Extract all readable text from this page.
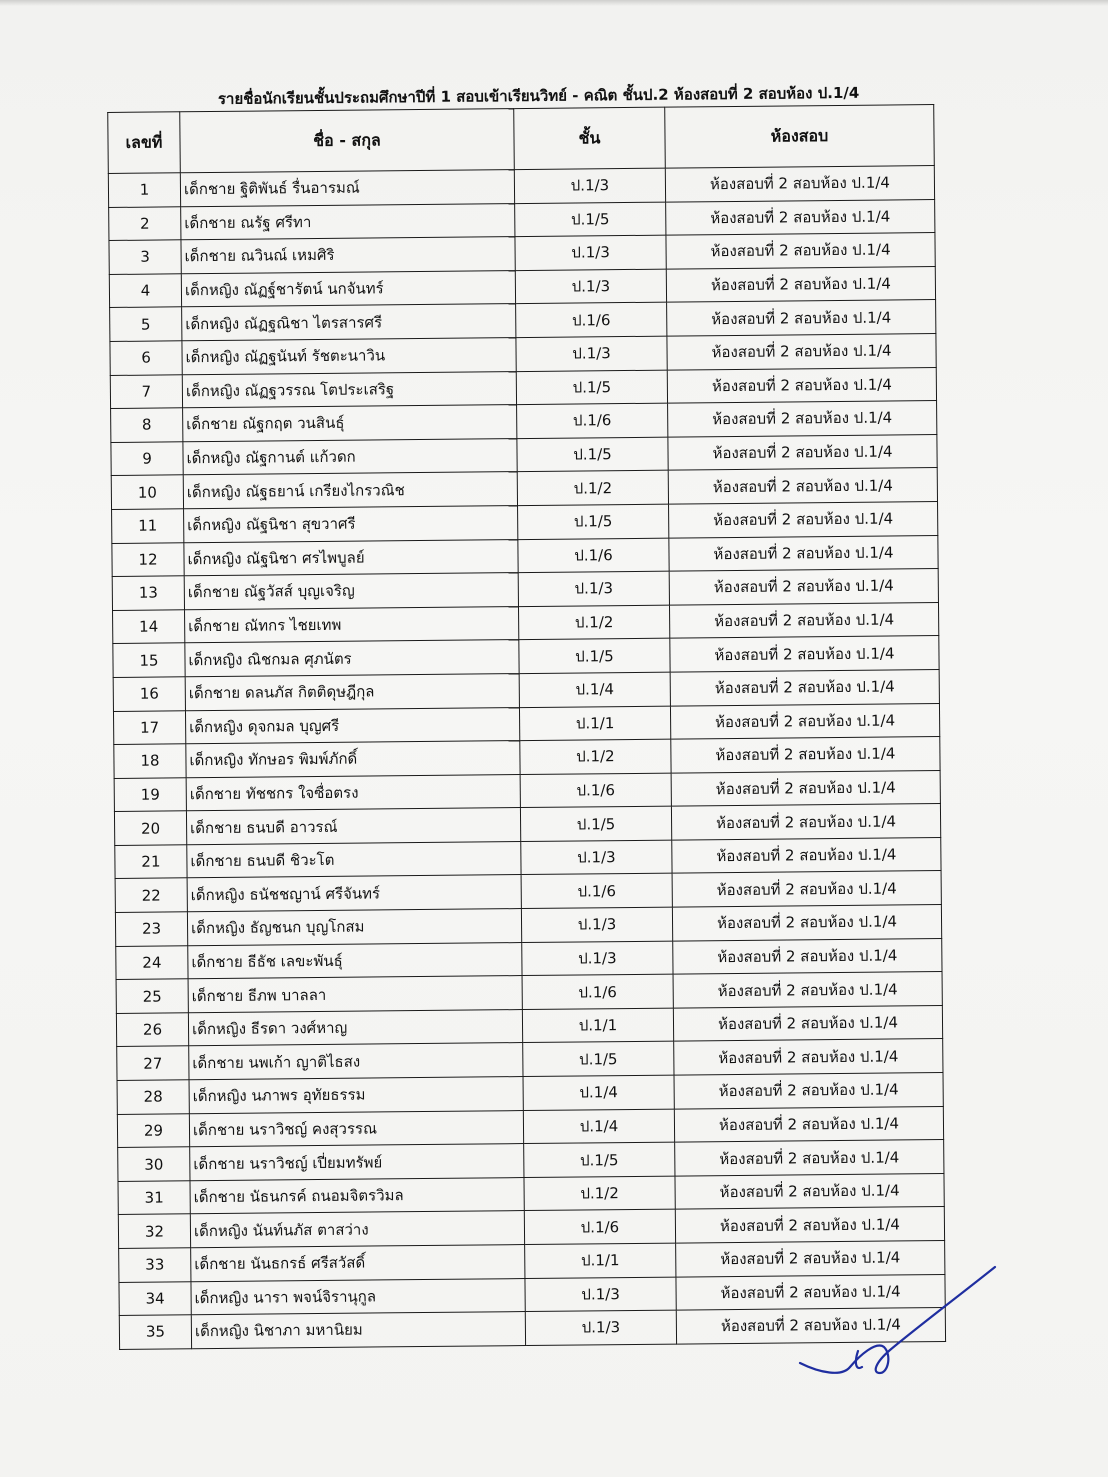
รายชื่อนักเรียนชั้นประถมศึกษาปีที่ 1 สอบเข้าเรียนวิทย์ - คณิต ชั้นป.2 ห้องสอบที่ 2 สอบห้อง ป.1/4
เลขที่	ชื่อ - สกุล	ชั้น	ห้องสอบ
1	เด็กชาย ฐิติพันธ์ รื่นอารมณ์	ป.1/3	ห้องสอบที่ 2 สอบห้อง ป.1/4
2	เด็กชาย ณรัฐ ศรีทา	ป.1/5	ห้องสอบที่ 2 สอบห้อง ป.1/4
3	เด็กชาย ณวินณ์ เหมศิริ	ป.1/3	ห้องสอบที่ 2 สอบห้อง ป.1/4
4	เด็กหญิง ณัฏฐ์ชารัตน์ นกจันทร์	ป.1/3	ห้องสอบที่ 2 สอบห้อง ป.1/4
5	เด็กหญิง ณัฏฐณิชา ไตรสารศรี	ป.1/6	ห้องสอบที่ 2 สอบห้อง ป.1/4
6	เด็กหญิง ณัฏฐนันท์ รัชตะนาวิน	ป.1/3	ห้องสอบที่ 2 สอบห้อง ป.1/4
7	เด็กหญิง ณัฏฐวรรณ โตประเสริฐ	ป.1/5	ห้องสอบที่ 2 สอบห้อง ป.1/4
8	เด็กชาย ณัฐกฤต วนสินธุ์	ป.1/6	ห้องสอบที่ 2 สอบห้อง ป.1/4
9	เด็กหญิง ณัฐกานต์ แก้วดก	ป.1/5	ห้องสอบที่ 2 สอบห้อง ป.1/4
10	เด็กหญิง ณัฐธยาน์ เกรียงไกรวณิช	ป.1/2	ห้องสอบที่ 2 สอบห้อง ป.1/4
11	เด็กหญิง ณัฐนิชา สุขวาศรี	ป.1/5	ห้องสอบที่ 2 สอบห้อง ป.1/4
12	เด็กหญิง ณัฐนิชา ศรไพบูลย์	ป.1/6	ห้องสอบที่ 2 สอบห้อง ป.1/4
13	เด็กชาย ณัฐวัสส์ บุญเจริญ	ป.1/3	ห้องสอบที่ 2 สอบห้อง ป.1/4
14	เด็กชาย ณัทกร ไชยเทพ	ป.1/2	ห้องสอบที่ 2 สอบห้อง ป.1/4
15	เด็กหญิง ณิชกมล ศุภนัตร	ป.1/5	ห้องสอบที่ 2 สอบห้อง ป.1/4
16	เด็กชาย ดลนภัส กิตติดุษฎีกุล	ป.1/4	ห้องสอบที่ 2 สอบห้อง ป.1/4
17	เด็กหญิง ดุจกมล บุญศรี	ป.1/1	ห้องสอบที่ 2 สอบห้อง ป.1/4
18	เด็กหญิง ทักษอร พิมพ์ภักดิ์	ป.1/2	ห้องสอบที่ 2 สอบห้อง ป.1/4
19	เด็กชาย ทัชชกร ใจซื่อตรง	ป.1/6	ห้องสอบที่ 2 สอบห้อง ป.1/4
20	เด็กชาย ธนบดี อาวรณ์	ป.1/5	ห้องสอบที่ 2 สอบห้อง ป.1/4
21	เด็กชาย ธนบดี ชิวะโต	ป.1/3	ห้องสอบที่ 2 สอบห้อง ป.1/4
22	เด็กหญิง ธนัชชญาน์ ศรีจันทร์	ป.1/6	ห้องสอบที่ 2 สอบห้อง ป.1/4
23	เด็กหญิง ธัญชนก บุญโกสม	ป.1/3	ห้องสอบที่ 2 สอบห้อง ป.1/4
24	เด็กชาย ธีธัช เลขะพันธุ์	ป.1/3	ห้องสอบที่ 2 สอบห้อง ป.1/4
25	เด็กชาย ธีภพ บาลลา	ป.1/6	ห้องสอบที่ 2 สอบห้อง ป.1/4
26	เด็กหญิง ธีรดา วงศ์หาญ	ป.1/1	ห้องสอบที่ 2 สอบห้อง ป.1/4
27	เด็กชาย นพเก้า ญาติไธสง	ป.1/5	ห้องสอบที่ 2 สอบห้อง ป.1/4
28	เด็กหญิง นภาพร อุทัยธรรม	ป.1/4	ห้องสอบที่ 2 สอบห้อง ป.1/4
29	เด็กชาย นราวิชญ์ คงสุวรรณ	ป.1/4	ห้องสอบที่ 2 สอบห้อง ป.1/4
30	เด็กชาย นราวิชญ์ เปี่ยมทรัพย์	ป.1/5	ห้องสอบที่ 2 สอบห้อง ป.1/4
31	เด็กชาย นัธนกรค์ ถนอมจิตรวิมล	ป.1/2	ห้องสอบที่ 2 สอบห้อง ป.1/4
32	เด็กหญิง นันท์นภัส ตาสว่าง	ป.1/6	ห้องสอบที่ 2 สอบห้อง ป.1/4
33	เด็กชาย นันธกรธ์ ศรีสวัสดิ์	ป.1/1	ห้องสอบที่ 2 สอบห้อง ป.1/4
34	เด็กหญิง นารา พจน์จิรานุกูล	ป.1/3	ห้องสอบที่ 2 สอบห้อง ป.1/4
35	เด็กหญิง นิชาภา มหานิยม	ป.1/3	ห้องสอบที่ 2 สอบห้อง ป.1/4
